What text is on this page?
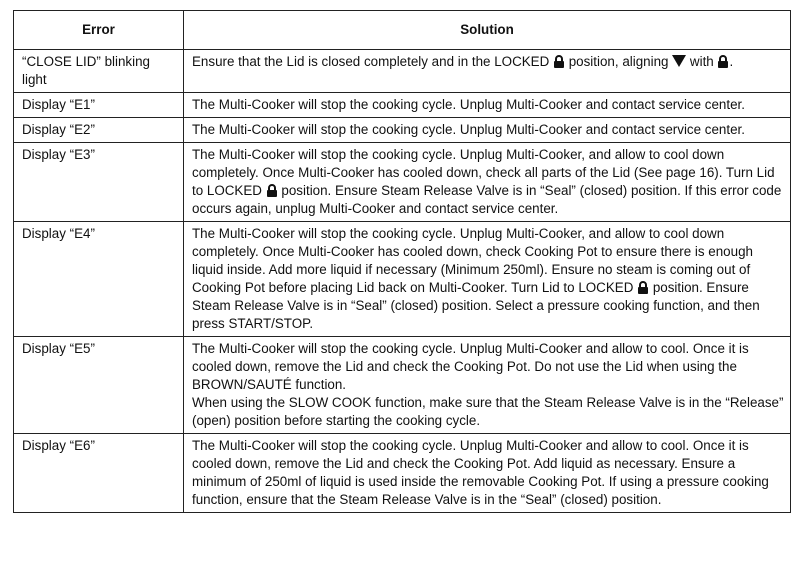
Error	Solution
“CLOSE LID” blinking light	Ensure that the Lid is closed completely and in the LOCKED  position, aligning  with .
Display “E1”	The Multi-Cooker will stop the cooking cycle. Unplug Multi-Cooker and contact service center.
Display “E2”	The Multi-Cooker will stop the cooking cycle. Unplug Multi-Cooker and contact service center.
Display “E3”	The Multi-Cooker will stop the cooking cycle. Unplug Multi-Cooker, and allow to cool down completely. Once Multi-Cooker has cooled down, check all parts of the Lid (See page 16). Turn Lid to LOCKED  position. Ensure Steam Release Valve is in “Seal” (closed) position. If this error code occurs again, unplug Multi-Cooker and contact service center.
Display “E4”	The Multi-Cooker will stop the cooking cycle. Unplug Multi-Cooker, and allow to cool down completely. Once Multi-Cooker has cooled down, check Cooking Pot to ensure there is enough liquid inside. Add more liquid if necessary (Minimum 250ml). Ensure no steam is coming out of Cooking Pot before placing Lid back on Multi-Cooker. Turn Lid to LOCKED  position. Ensure Steam Release Valve is in “Seal” (closed) position. Select a pressure cooking function, and then press START/STOP.
Display “E5”	The Multi-Cooker will stop the cooking cycle. Unplug Multi-Cooker and allow to cool. Once it is cooled down, remove the Lid and check the Cooking Pot. Do not use the Lid when using the BROWN/SAUTÉ function.
When using the SLOW COOK function, make sure that the Steam Release Valve is in the “Release” (open) position before starting the cooking cycle.

Display “E6”	The Multi-Cooker will stop the cooking cycle. Unplug Multi-Cooker and allow to cool. Once it is cooled down, remove the Lid and check the Cooking Pot. Add liquid as necessary. Ensure a minimum of 250ml of liquid is used inside the removable Cooking Pot. If using a pressure cooking function, ensure that the Steam Release Valve is in the “Seal” (closed) position.
